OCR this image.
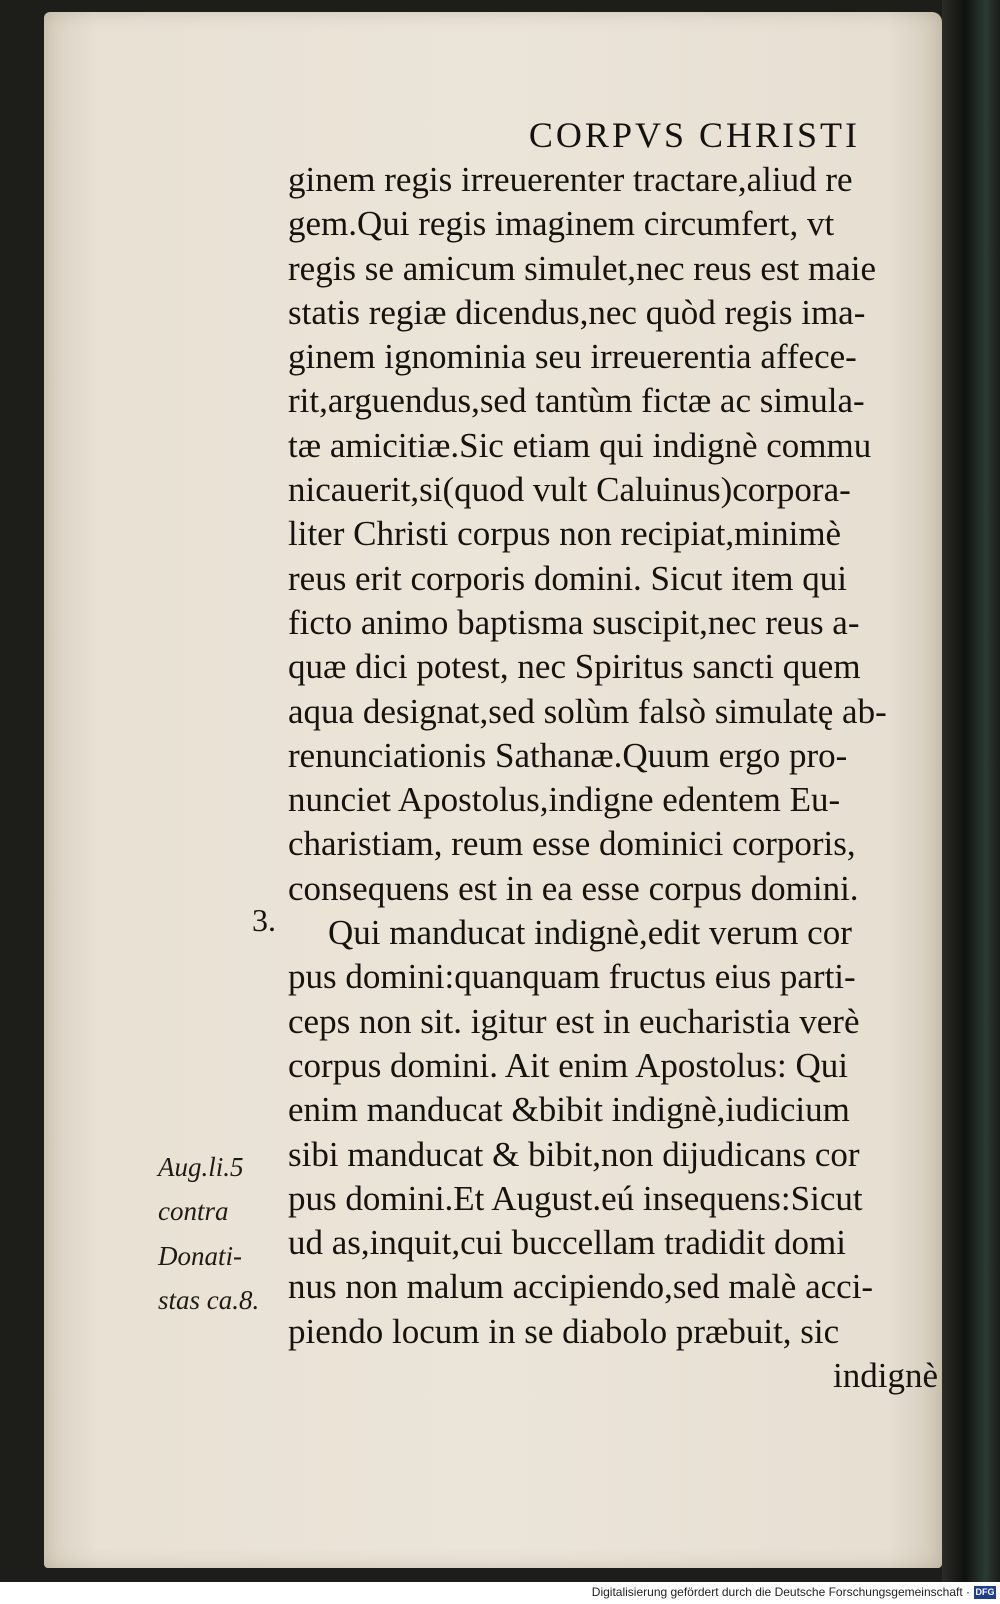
CORPVS CHRISTI
3.
ginem regis irreuerenter tractare,aliud re
gem.Qui regis imaginem circumfert, vt
regis se amicum simulet,nec reus est maie
statis regiæ dicendus,nec quòd regis ima-
ginem ignominia seu irreuerentia affece-
rit,arguendus,sed tantùm fictæ ac simula-
tæ amicitiæ.Sic etiam qui indignè commu
nicauerit,si(quod vult Caluinus)corpora-
liter Christi corpus non recipiat,minimè
reus erit corporis domini. Sicut item qui
ficto animo baptisma suscipit,nec reus a-
quæ dici potest, nec Spiritus sancti quem
aqua designat,sed solùm falsò simulatę ab-
renunciationis Sathanæ.Quum ergo pro-
nunciet Apostolus,indigne edentem Eu-
charistiam, reum esse dominici corporis,
consequens est in ea esse corpus domini.
Qui manducat indignè,edit verum cor
pus domini:quanquam fructus eius parti-
ceps non sit. igitur est in eucharistia verè
corpus domini. Ait enim Apostolus: Qui
enim manducat &bibit indignè,iudicium
sibi manducat & bibit,non dijudicans cor
pus domini.Et August.eú insequens:Sicut
ud as,inquit,cui buccellam tradidit domi
nus non malum accipiendo,sed malè acci-
piendo locum in se diabolo præbuit, sic
indignè
Aug.li.5
contra
Donati-
stas ca.8.
Digitalisierung gefördert durch die Deutsche Forschungsgemeinschaft · DFG
